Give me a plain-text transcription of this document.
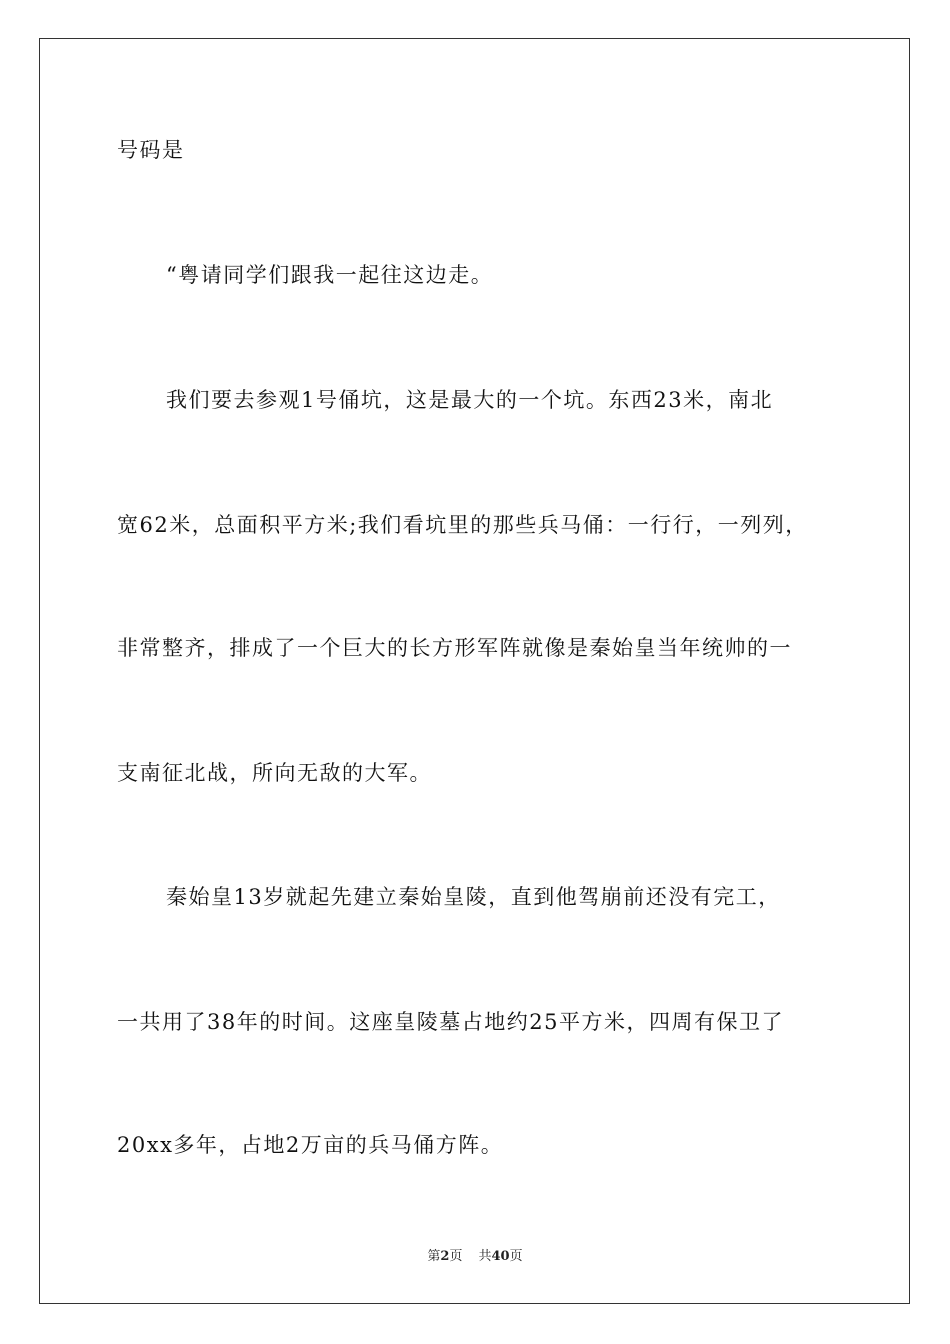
号码是
“粤请同学们跟我一起往这边走。
我们要去参观1号俑坑，这是最大的一个坑。东西23米，南北
宽62米，总面积平方米;我们看坑里的那些兵马俑：一行行，一列列，
非常整齐，排成了一个巨大的长方形军阵就像是秦始皇当年统帅的一
支南征北战，所向无敌的大军。
秦始皇13岁就起先建立秦始皇陵，直到他驾崩前还没有完工，
一共用了38年的时间。这座皇陵墓占地约25平方米，四周有保卫了
20xx多年，占地2万亩的兵马俑方阵。
第2页 共40页
